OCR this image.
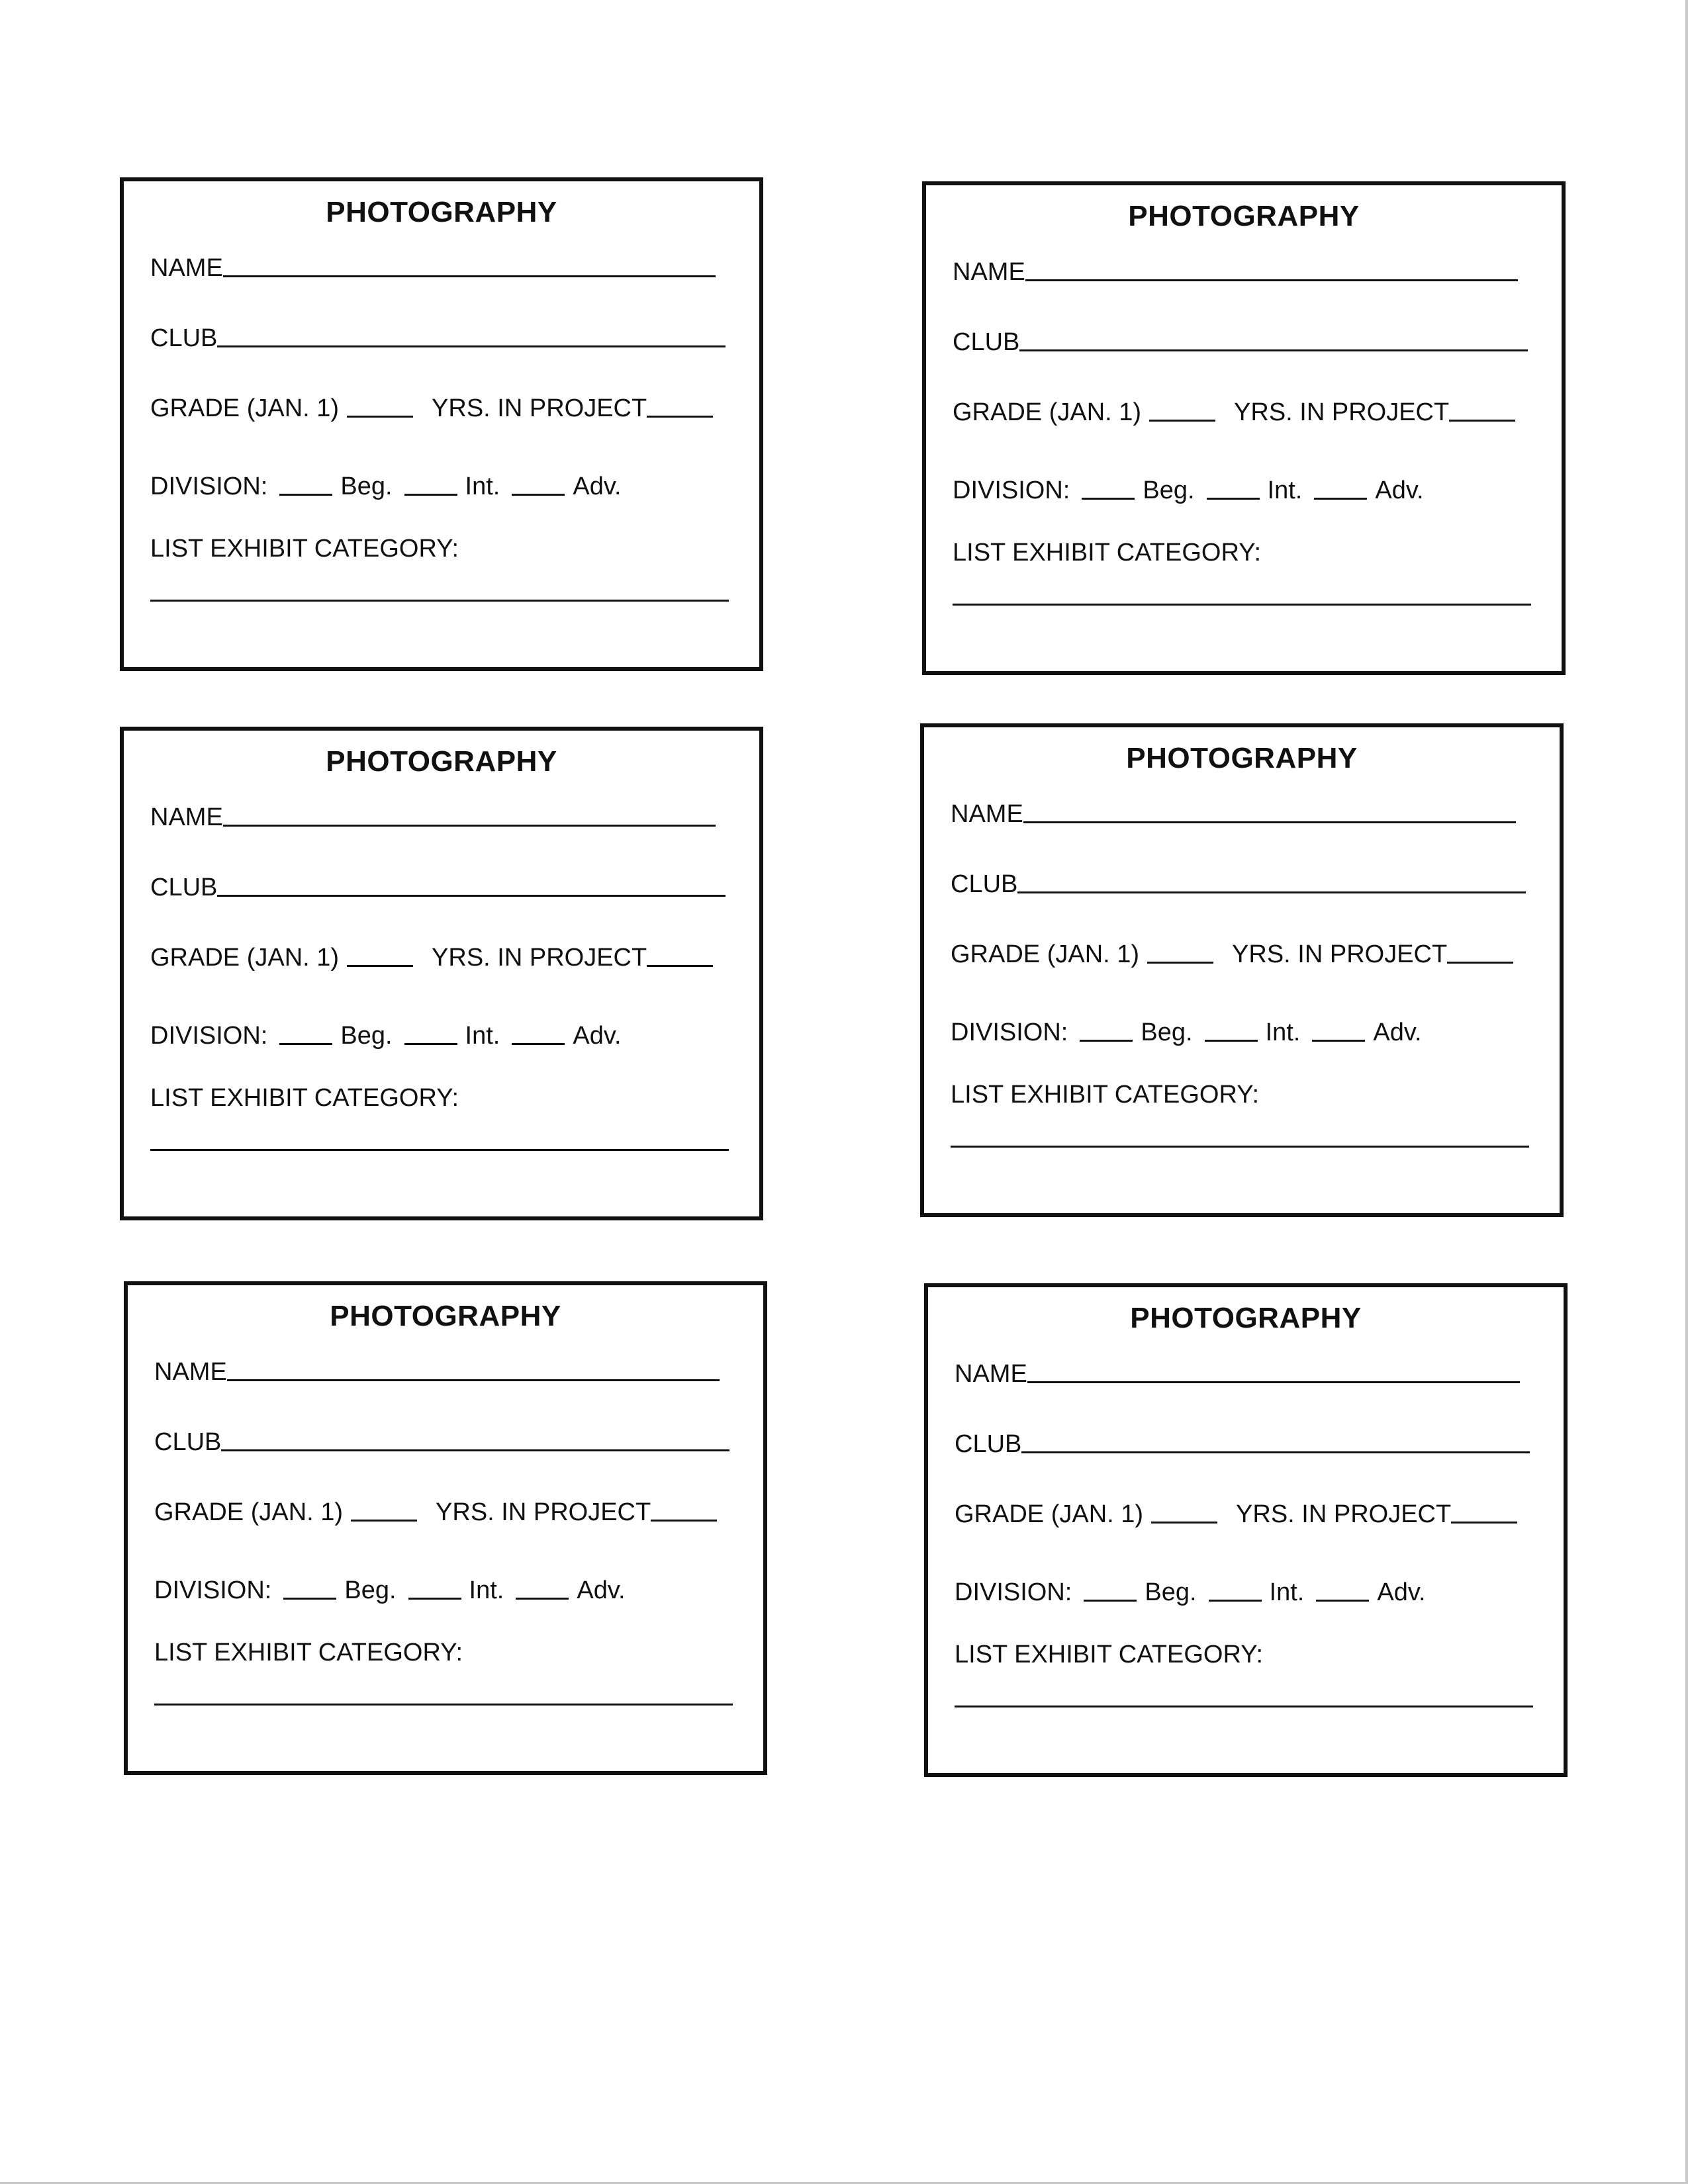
PHOTOGRAPHY
NAME
CLUB
GRADE (JAN. 1)	YRS. IN PROJECT
DIVISION:	Beg.	Int.	Adv.
LIST EXHIBIT CATEGORY:
PHOTOGRAPHY
NAME
CLUB
GRADE (JAN. 1)	YRS. IN PROJECT
DIVISION:	Beg.	Int.	Adv.
LIST EXHIBIT CATEGORY:
PHOTOGRAPHY
NAME
CLUB
GRADE (JAN. 1)	YRS. IN PROJECT
DIVISION:	Beg.	Int.	Adv.
LIST EXHIBIT CATEGORY:
PHOTOGRAPHY
NAME
CLUB
GRADE (JAN. 1)	YRS. IN PROJECT
DIVISION:	Beg.	Int.	Adv.
LIST EXHIBIT CATEGORY:
PHOTOGRAPHY
NAME
CLUB
GRADE (JAN. 1)	YRS. IN PROJECT
DIVISION:	Beg.	Int.	Adv.
LIST EXHIBIT CATEGORY:
PHOTOGRAPHY
NAME
CLUB
GRADE (JAN. 1)	YRS. IN PROJECT
DIVISION:	Beg.	Int.	Adv.
LIST EXHIBIT CATEGORY:
